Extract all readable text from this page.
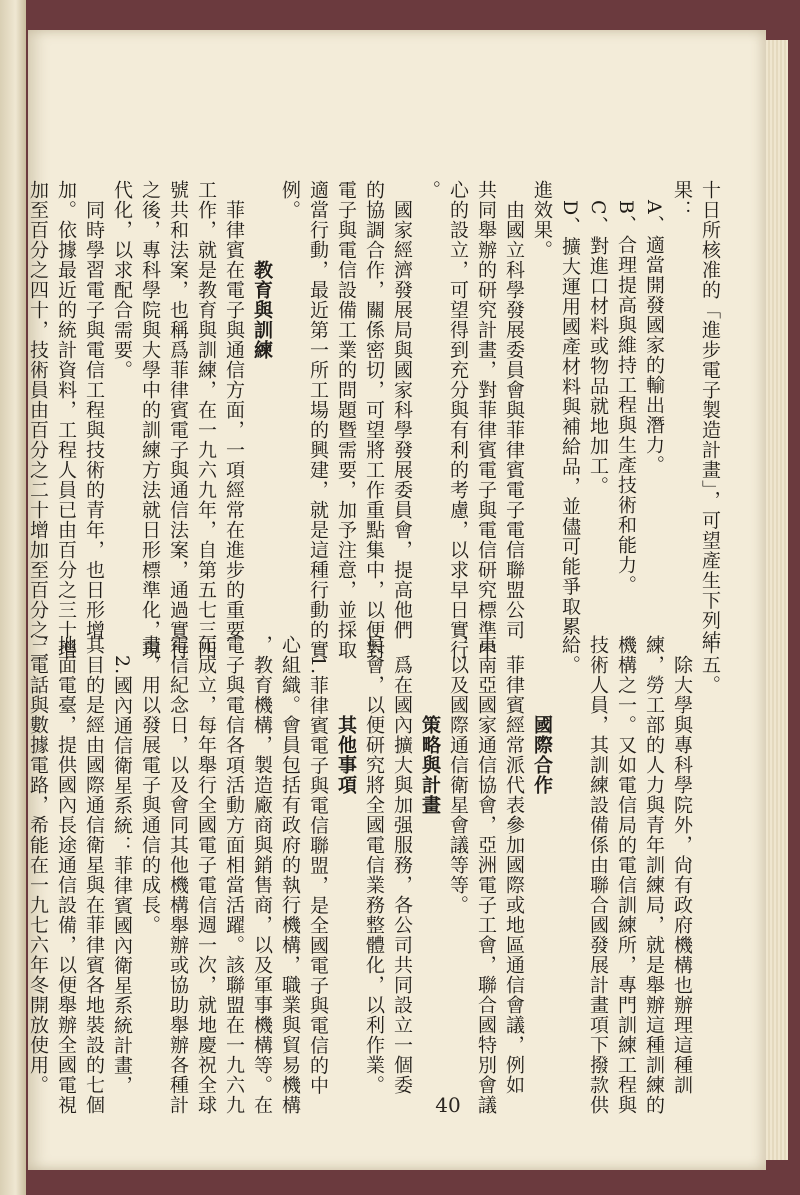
十日所核准的「進步電子製造計畫」，可望產生下列結
果：
　A、適當開發國家的輸出潛力。
　B、合理提高與維持工程與生產技術和能力。
　C、對進口材料或物品就地加工。
　D、擴大運用國產材料與補給品，並儘可能爭取累
進效果。
　由國立科學發展委員會與菲律賓電子電信聯盟公司
共同舉辦的研究計畫，對菲律賓電子與電信研究標準中
心的設立，可望得到充分與有利的考慮，以求早日實行
。
　國家經濟發展局與國家科學發展委員會，提高他們
的協調合作，關係密切，可望將工作重點集中，以便對
電子與電信設備工業的問題暨需要，加予注意，並採取
適當行動，最近第一所工場的興建，就是這種行動的實
例。
　　　　教育與訓練
　菲律賓在電子與通信方面，一項經常在進步的重要
工作，就是教育與訓練，在一九六九年，自第五七三四
號共和法案，也稱爲菲律賓電子與通信法案，通過實行
之後，專科學院與大學中的訓練方法就日形標準化，現
代化，以求配合需要。
　同時學習電子與電信工程與技術的青年，也日形增
加。依據最近的統計資料，工程人員已由百分之三十增
加至百分之四十，技術員由百分之二十增加至百分之二
十五。
　除大學與專科學院外，尙有政府機構也辦理這種訓
練，勞工部的人力與青年訓練局，就是舉辦這種訓練的
機構之一。又如電信局的電信訓練所，專門訓練工程與
技術人員，其訓練設備係由聯合國發展計畫項下撥款供
給。
　　　　國際合作
　菲律賓經常派代表參加國際或地區通信會議，例如
東南亞國家通信協會，亞洲電子工會，聯合國特別會議
，以及國際通信衛星會議等等。
　　　　策略與計畫
　爲在國內擴大與加强服務，各公司共同設立一個委
員會，以便研究將全國電信業務整體化，以利作業。
　　　　其他事項
　1.菲律賓電子與電信聯盟，是全國電子與電信的中
心組織。會員包括有政府的執行機構，職業與貿易機構
，教育機構，製造廠商與銷售商，以及軍事機構等。在
電子與電信各項活動方面相當活躍。該聯盟在一九六九
年成立，每年舉行全國電子電信週一次，就地慶祝全球
電信紀念日，以及會同其他機構舉辦或協助舉辦各種計
畫，用以發展電子與通信的成長。
　2.國內通信衛星系統：菲律賓國內衛星系統計畫，
其目的是經由國際通信衛星與在菲律賓各地裝設的七個
地面電臺，提供國內長途通信設備，以便舉辦全國電視
，電話與數據電路，希能在一九七六年冬開放使用。
40
